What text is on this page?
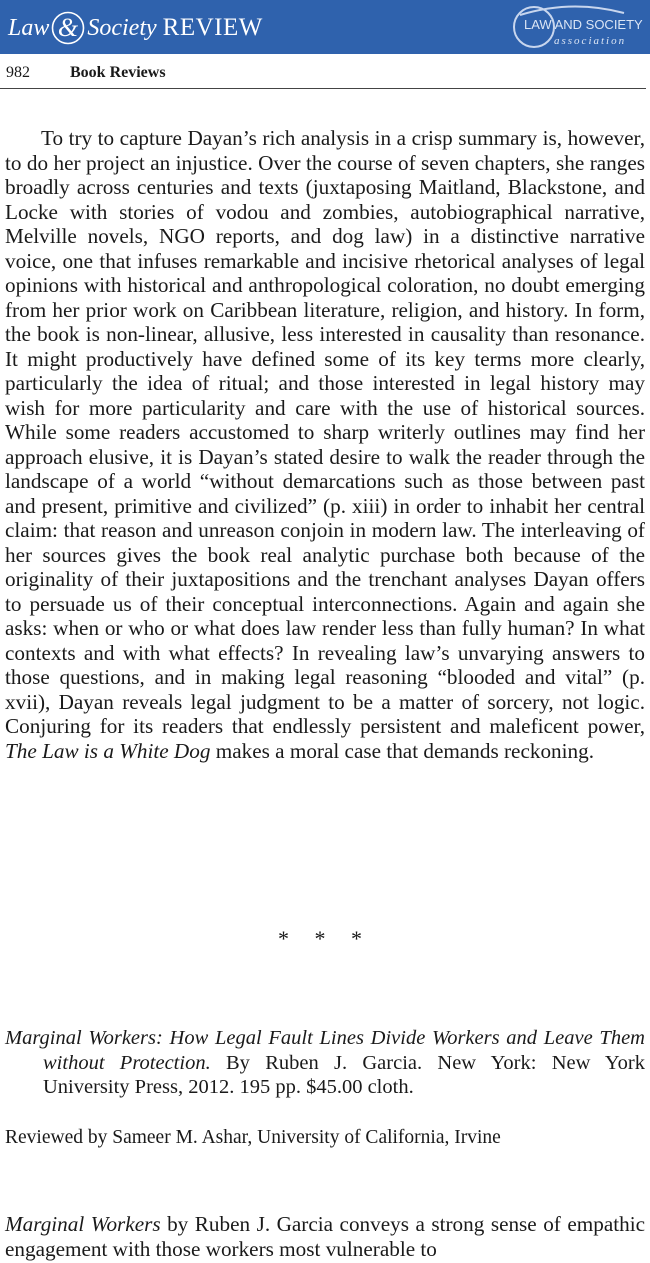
Law & Society REVIEW	LAW AND SOCIETY
association
982	Book Reviews
To try to capture Dayan’s rich analysis in a crisp summary is, however, to do her project an injustice. Over the course of seven chapters, she ranges broadly across centuries and texts (juxtaposing Maitland, Blackstone, and Locke with stories of vodou and zombies, autobiographical narrative, Melville novels, NGO reports, and dog law) in a distinctive narrative voice, one that infuses remarkable and incisive rhetorical analyses of legal opinions with historical and anthropological coloration, no doubt emerging from her prior work on Caribbean literature, religion, and history. In form, the book is non-linear, allusive, less interested in causality than resonance. It might productively have defined some of its key terms more clearly, particularly the idea of ritual; and those interested in legal history may wish for more particularity and care with the use of historical sources. While some readers accustomed to sharp writerly outlines may find her approach elusive, it is Dayan’s stated desire to walk the reader through the landscape of a world “without demarcations such as those between past and present, primitive and civilized” (p. xiii) in order to inhabit her central claim: that reason and unreason conjoin in modern law. The interleaving of her sources gives the book real analytic purchase both because of the originality of their juxtapositions and the trenchant analyses Dayan offers to persuade us of their conceptual interconnections. Again and again she asks: when or who or what does law render less than fully human? In what contexts and with what effects? In revealing law’s unvarying answers to those questions, and in making legal reasoning “blooded and vital” (p. xvii), Dayan reveals legal judgment to be a matter of sorcery, not logic. Conjuring for its readers that endlessly persistent and maleficent power, The Law is a White Dog makes a moral case that demands reckoning.
* * *
Marginal Workers: How Legal Fault Lines Divide Workers and Leave Them without Protection. By Ruben J. Garcia. New York: New York University Press, 2012. 195 pp. $45.00 cloth.
Reviewed by Sameer M. Ashar, University of California, Irvine
Marginal Workers by Ruben J. Garcia conveys a strong sense of empathic engagement with those workers most vulnerable to
